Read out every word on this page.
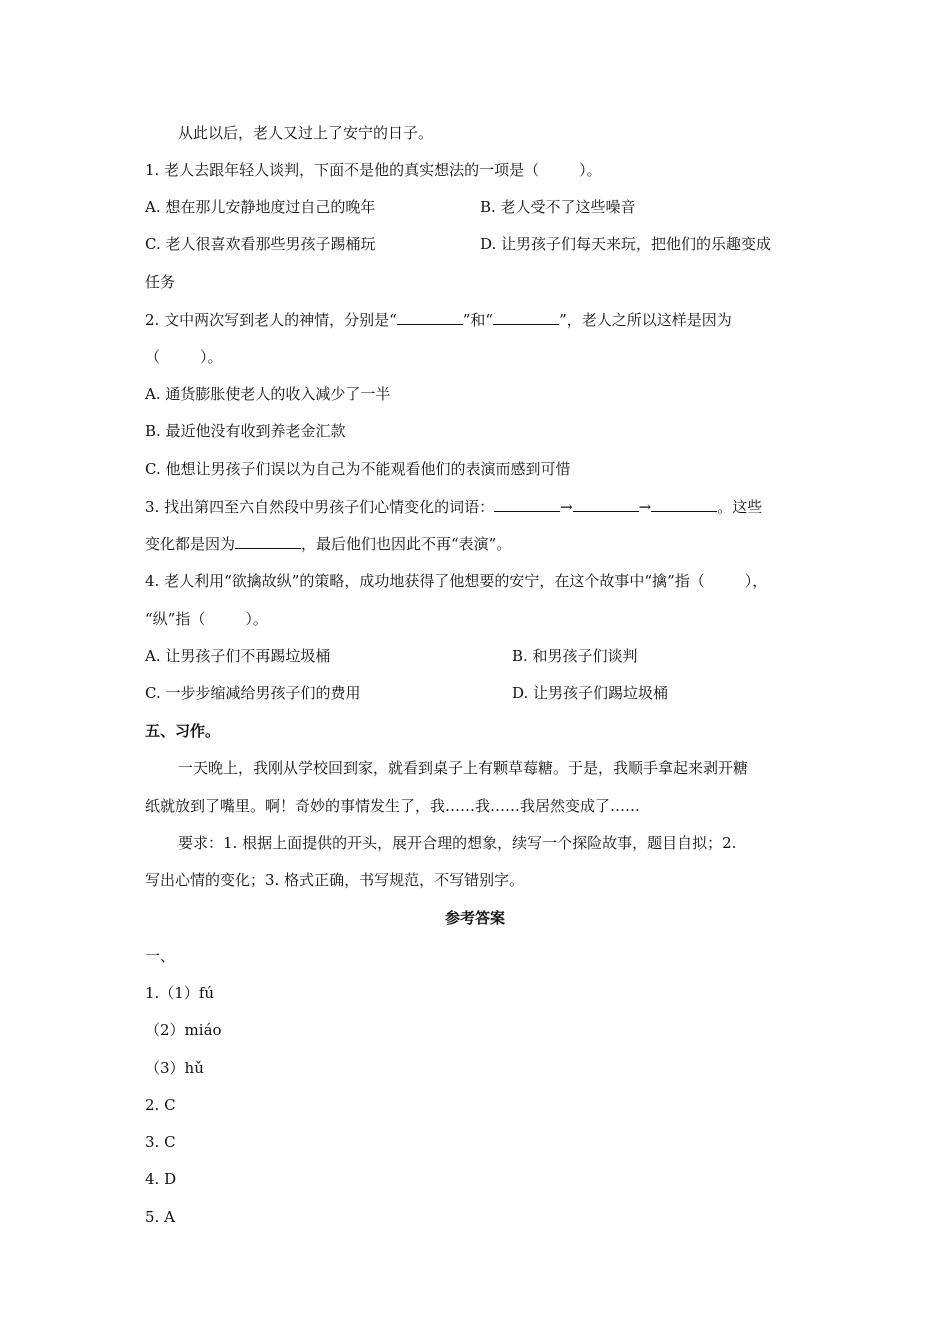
从此以后，老人又过上了安宁的日子。
1. 老人去跟年轻人谈判，下面不是他的真实想法的一项是（	）。
A. 想在那儿安静地度过自己的晚年	B. 老人受不了这些噪音
C. 老人很喜欢看那些男孩子踢桶玩	D. 让男孩子们每天来玩，把他们的乐趣变成
任务
2. 文中两次写到老人的神情，分别是“	”和“	”，老人之所以这样是因为
（	）。
A. 通货膨胀使老人的收入减少了一半
B. 最近他没有收到养老金汇款
C. 他想让男孩子们误以为自己为不能观看他们的表演而感到可惜
3. 找出第四至六自然段中男孩子们心情变化的词语：	→	→	。这些
变化都是因为	，最后他们也因此不再“表演”。
4. 老人利用“欲擒故纵”的策略，成功地获得了他想要的安宁，在这个故事中“擒”指（	），
“纵”指（	）。
A. 让男孩子们不再踢垃圾桶	B. 和男孩子们谈判
C. 一步步缩减给男孩子们的费用	D. 让男孩子们踢垃圾桶
五、习作。
一天晚上，我刚从学校回到家，就看到桌子上有颗草莓糖。于是，我顺手拿起来剥开糖
纸就放到了嘴里。啊！奇妙的事情发生了，我……我……我居然变成了……
要求：1. 根据上面提供的开头，展开合理的想象，续写一个探险故事，题目自拟；2.
写出心情的变化；3. 格式正确，书写规范，不写错别字。
参考答案
一、
1.（1）fú
（2）miáo
（3）hǔ
2. C
3. C
4. D
5. A
